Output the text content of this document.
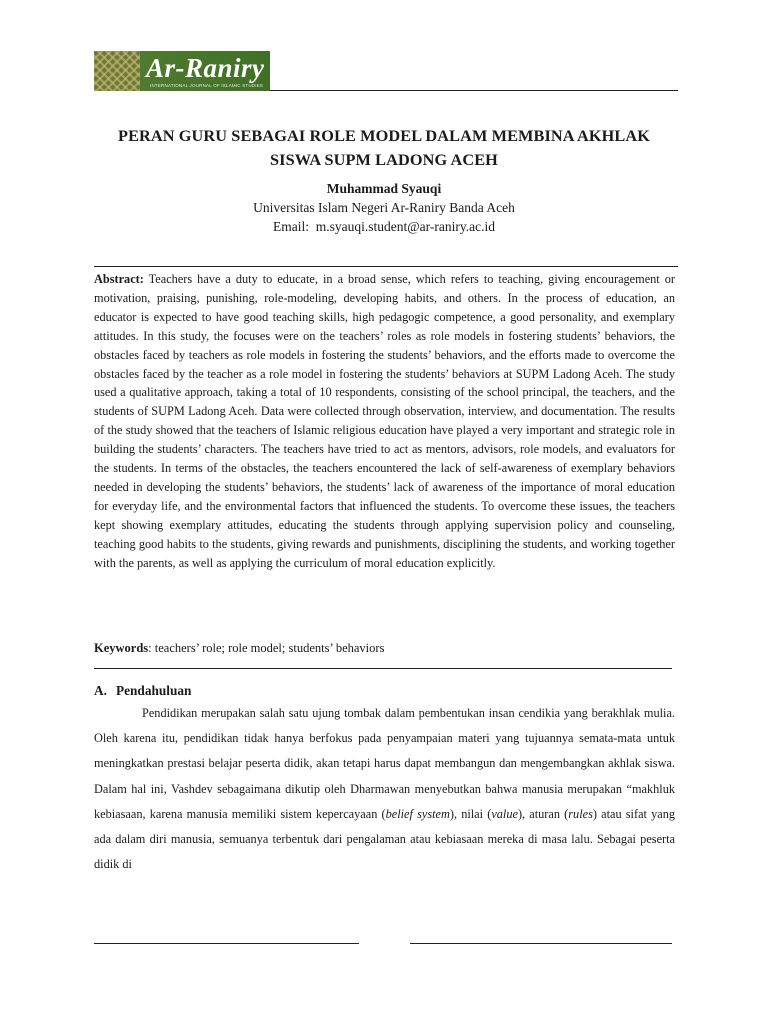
Ar-Raniry
INTERNATIONAL JOURNAL OF ISLAMIC STUDIES
PERAN GURU SEBAGAI ROLE MODEL DALAM MEMBINA AKHLAK SISWA SUPM LADONG ACEH

Muhammad Syauqi

Universitas Islam Negeri Ar-Raniry Banda Aceh

Email: m.syauqi.student@ar-raniry.ac.id

Abstract: Teachers have a duty to educate, in a broad sense, which refers to teaching, giving encouragement or motivation, praising, punishing, role-modeling, developing habits, and others. In the process of education, an educator is expected to have good teaching skills, high pedagogic competence, a good personality, and exemplary attitudes. In this study, the focuses were on the teachers’ roles as role models in fostering students’ behaviors, the obstacles faced by teachers as role models in fostering the students’ behaviors, and the efforts made to overcome the obstacles faced by the teacher as a role model in fostering the students’ behaviors at SUPM Ladong Aceh. The study used a qualitative approach, taking a total of 10 respondents, consisting of the school principal, the teachers, and the students of SUPM Ladong Aceh. Data were collected through observation, interview, and documentation. The results of the study showed that the teachers of Islamic religious education have played a very important and strategic role in building the students’ characters. The teachers have tried to act as mentors, advisors, role models, and evaluators for the students. In terms of the obstacles, the teachers encountered the lack of self-awareness of exemplary behaviors needed in developing the students’ behaviors, the students’ lack of awareness of the importance of moral education for everyday life, and the environmental factors that influenced the students. To overcome these issues, the teachers kept showing exemplary attitudes, educating the students through applying supervision policy and counseling, teaching good habits to the students, giving rewards and punishments, disciplining the students, and working together with the parents, as well as applying the curriculum of moral education explicitly.

Keywords: teachers’ role; role model; students’ behaviors

A. Pendahuluan

Pendidikan merupakan salah satu ujung tombak dalam pembentukan insan cendikia yang berakhlak mulia. Oleh karena itu, pendidikan tidak hanya berfokus pada penyampaian materi yang tujuannya semata-mata untuk meningkatkan prestasi belajar peserta didik, akan tetapi harus dapat membangun dan mengembangkan akhlak siswa. Dalam hal ini, Vashdev sebagaimana dikutip oleh Dharmawan menyebutkan bahwa manusia merupakan “makhluk kebiasaan, karena manusia memiliki sistem kepercayaan (belief system), nilai (value), aturan (rules) atau sifat yang ada dalam diri manusia, semuanya terbentuk dari pengalaman atau kebiasaan mereka di masa lalu. Sebagai peserta didik di
